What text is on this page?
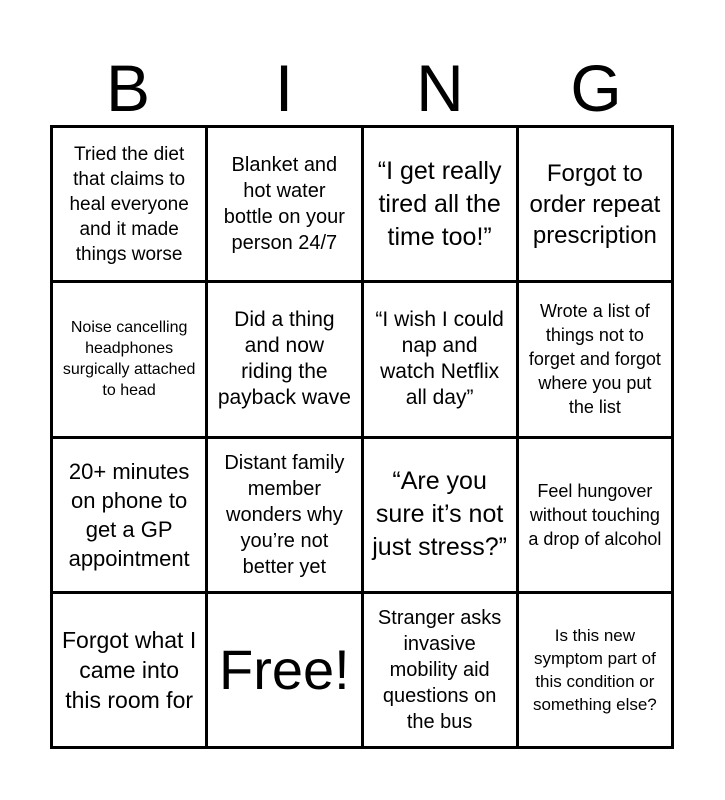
B	I	N	G
Tried the diet that claims to heal everyone and it made things worse
Blanket and hot water bottle on your person 24/7
“I get really tired all the time too!”
Forgot to order repeat prescription
Noise cancelling headphones surgically attached to head
Did a thing and now riding the payback wave
“I wish I could nap and watch Netflix all day”
Wrote a list of things not to forget and forgot where you put the list
20+ minutes on phone to get a GP appointment
Distant family member wonders why you’re not better yet
“Are you sure it’s not just stress?”
Feel hungover without touching a drop of alcohol
Forgot what I came into this room for Free!
Stranger asks invasive mobility aid questions on the bus
Is this new symptom part of this condition or something else?
